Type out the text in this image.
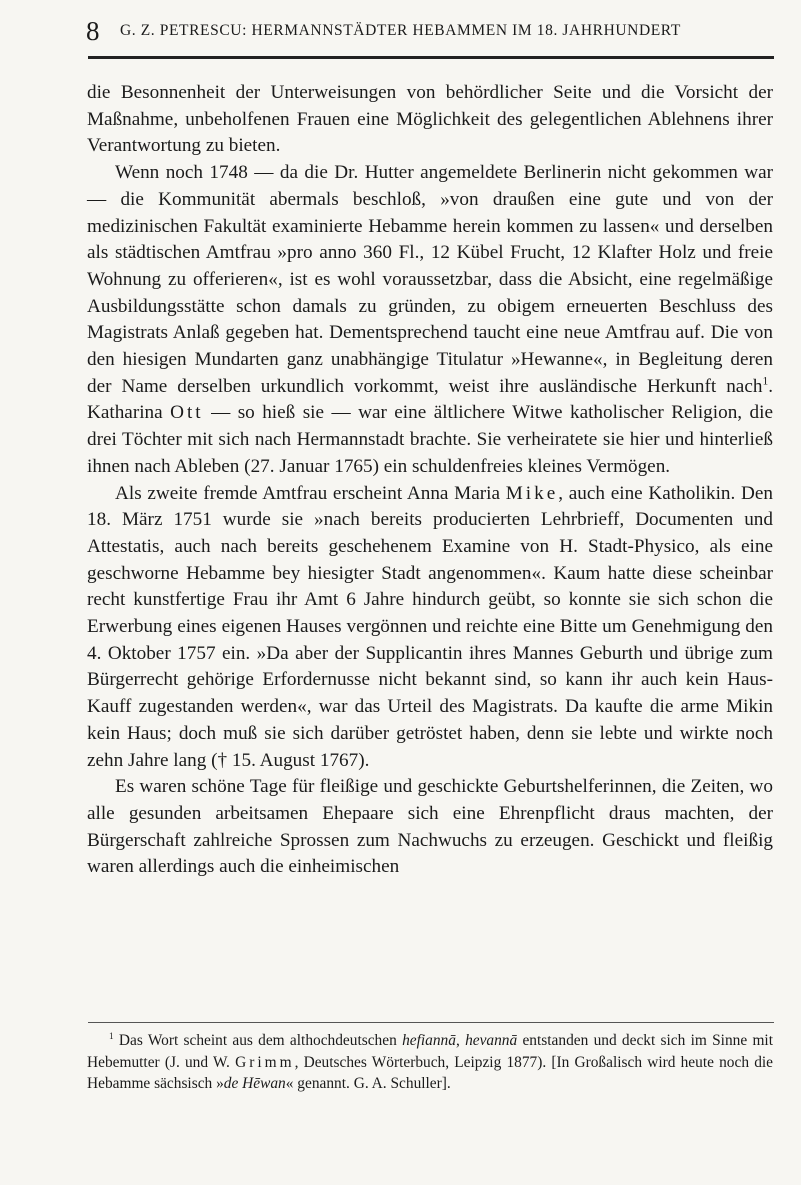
8 G. Z. PETRESCU: HERMANNSTÄDTER HEBAMMEN IM 18. JAHRHUNDERT

die Besonnenheit der Unterweisungen von behördlicher Seite und die Vorsicht der Maßnahme, unbeholfenen Frauen eine Möglichkeit des gelegentlichen Ablehnens ihrer Verantwortung zu bieten.

Wenn noch 1748 — da die Dr. Hutter angemeldete Berlinerin nicht gekommen war — die Kommunität abermals beschloß, »von draußen eine gute und von der medizinischen Fakultät examinierte Hebamme herein kommen zu lassen« und derselben als städtischen Amtfrau »pro anno 360 Fl., 12 Kübel Frucht, 12 Klafter Holz und freie Wohnung zu offerieren«, ist es wohl voraussetzbar, dass die Absicht, eine regelmäßige Ausbildungsstätte schon damals zu gründen, zu obigem erneuerten Beschluss des Magistrats Anlaß gegeben hat. Dementsprechend taucht eine neue Amtfrau auf. Die von den hiesigen Mundarten ganz unabhängige Titulatur »Hewanne«, in Begleitung deren der Name derselben urkundlich vorkommt, weist ihre ausländische Herkunft nach$^1$. Katharina Ott — so hieß sie — war eine ältlichere Witwe katholischer Religion, die drei Töchter mit sich nach Hermannstadt brachte. Sie verheiratete sie hier und hinterließ ihnen nach Ableben (27. Januar 1765) ein schuldenfreies kleines Vermögen.

Als zweite fremde Amtfrau erscheint Anna Maria Mike, auch eine Katholikin. Den 18. März 1751 wurde sie »nach bereits producierten Lehrbrieff, Documenten und Attestatis, auch nach bereits geschehenem Examine von H. Stadt-Physico, als eine geschworne Hebamme bey hiesigter Stadt angenommen«. Kaum hatte diese scheinbar recht kunstfertige Frau ihr Amt 6 Jahre hindurch geübt, so konnte sie sich schon die Erwerbung eines eigenen Hauses vergönnen und reichte eine Bitte um Genehmigung den 4. Oktober 1757 ein. »Da aber der Supplicantin ihres Mannes Geburth und übrige zum Bürgerrecht gehörige Erfordernusse nicht bekannt sind, so kann ihr auch kein Haus-Kauff zugestanden werden«, war das Urteil des Magistrats. Da kaufte die arme Mikin kein Haus; doch muß sie sich darüber getröstet haben, denn sie lebte und wirkte noch zehn Jahre lang († 15. August 1767).

Es waren schöne Tage für fleißige und geschickte Geburtshelferinnen, die Zeiten, wo alle gesunden arbeitsamen Ehepaare sich eine Ehrenpflicht draus machten, der Bürgerschaft zahlreiche Sprossen zum Nachwuchs zu erzeugen. Geschickt und fleißig waren allerdings auch die einheimischen

$^1$ Das Wort scheint aus dem althochdeutschen hefiannā, hevannā entstanden und deckt sich im Sinne mit Hebemutter (J. und W. Grimm, Deutsches Wörterbuch, Leipzig 1877). [In Großalisch wird heute noch die Hebamme sächsisch »de Hēwan« genannt. G. A. Schuller].
